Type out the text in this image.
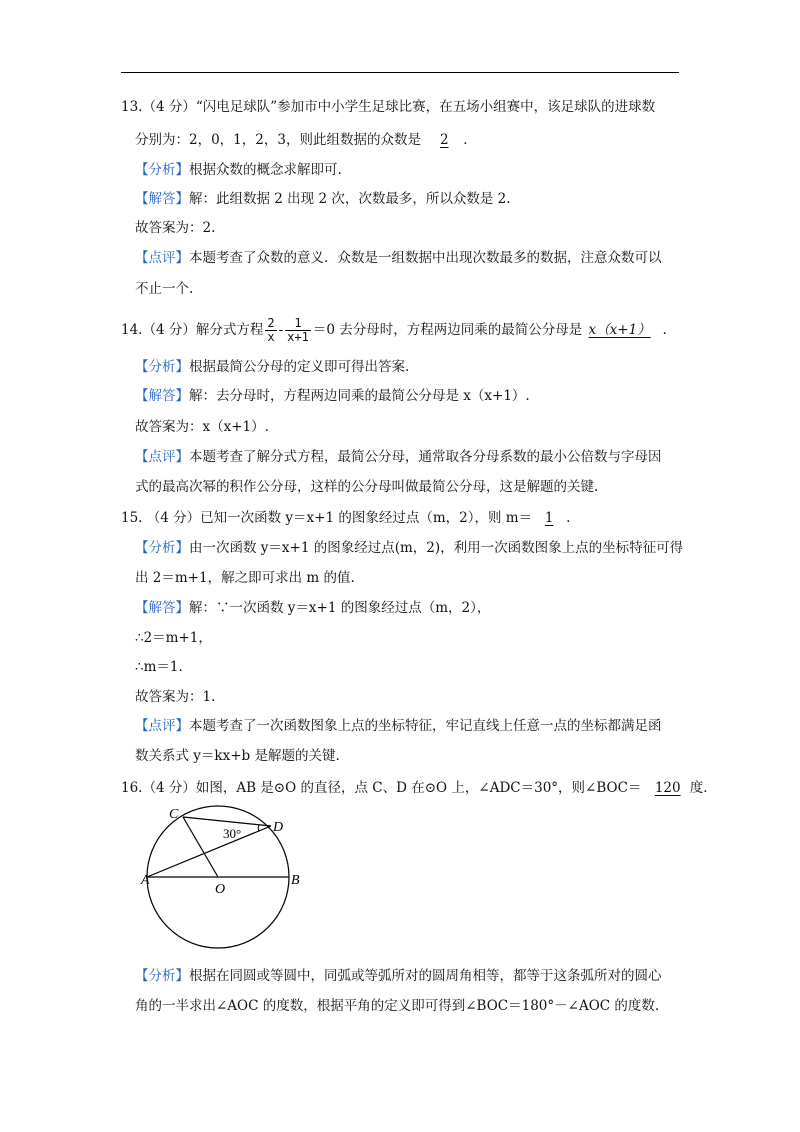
13.（4 分）“闪电足球队”参加市中小学生足球比赛，在五场小组赛中，该足球队的进球数
分别为：2，0，1，2，3，则此组数据的众数是 2 .
【分析】根据众数的概念求解即可.
【解答】解：此组数据 2 出现 2 次，次数最多，所以众数是 2.
故答案为：2.
【点评】本题考查了众数的意义．众数是一组数据中出现次数最多的数据，注意众数可以
不止一个.
14.（4 分）解分式方程 $\frac{2}{x} - \frac{1}{x+1} =0$ 去分母时，方程两边同乘的最简公分母是 x（x+1） .
【分析】根据最简公分母的定义即可得出答案.
【解答】解：去分母时，方程两边同乘的最简公分母是 x（x+1）.
故答案为：x（x+1）.
【点评】本题考查了解分式方程，最简公分母，通常取各分母系数的最小公倍数与字母因
式的最高次幂的积作公分母，这样的公分母叫做最简公分母，这是解题的关键.
15. （4 分）已知一次函数 y＝x+1 的图象经过点（m，2），则 m＝ 1 .
【分析】由一次函数 y＝x+1 的图象经过点(m，2)，利用一次函数图象上点的坐标特征可得
出 2＝m+1，解之即可求出 m 的值.
【解答】解：∵一次函数 y＝x+1 的图象经过点（m，2），
∴2＝m+1，
∴m＝1.
故答案为：1.
【点评】本题考查了一次函数图象上点的坐标特征，牢记直线上任意一点的坐标都满足函
数关系式 y＝kx+b 是解题的关键.
16.（4 分）如图，AB 是⊙O 的直径，点 C、D 在⊙O 上，∠ADC＝30°，则∠BOC＝ 120 度.
C
D
A
O
B
30°
【分析】根据在同圆或等圆中，同弧或等弧所对的圆周角相等，都等于这条弧所对的圆心
角的一半求出∠AOC 的度数，根据平角的定义即可得到∠BOC＝180°－∠AOC 的度数.
